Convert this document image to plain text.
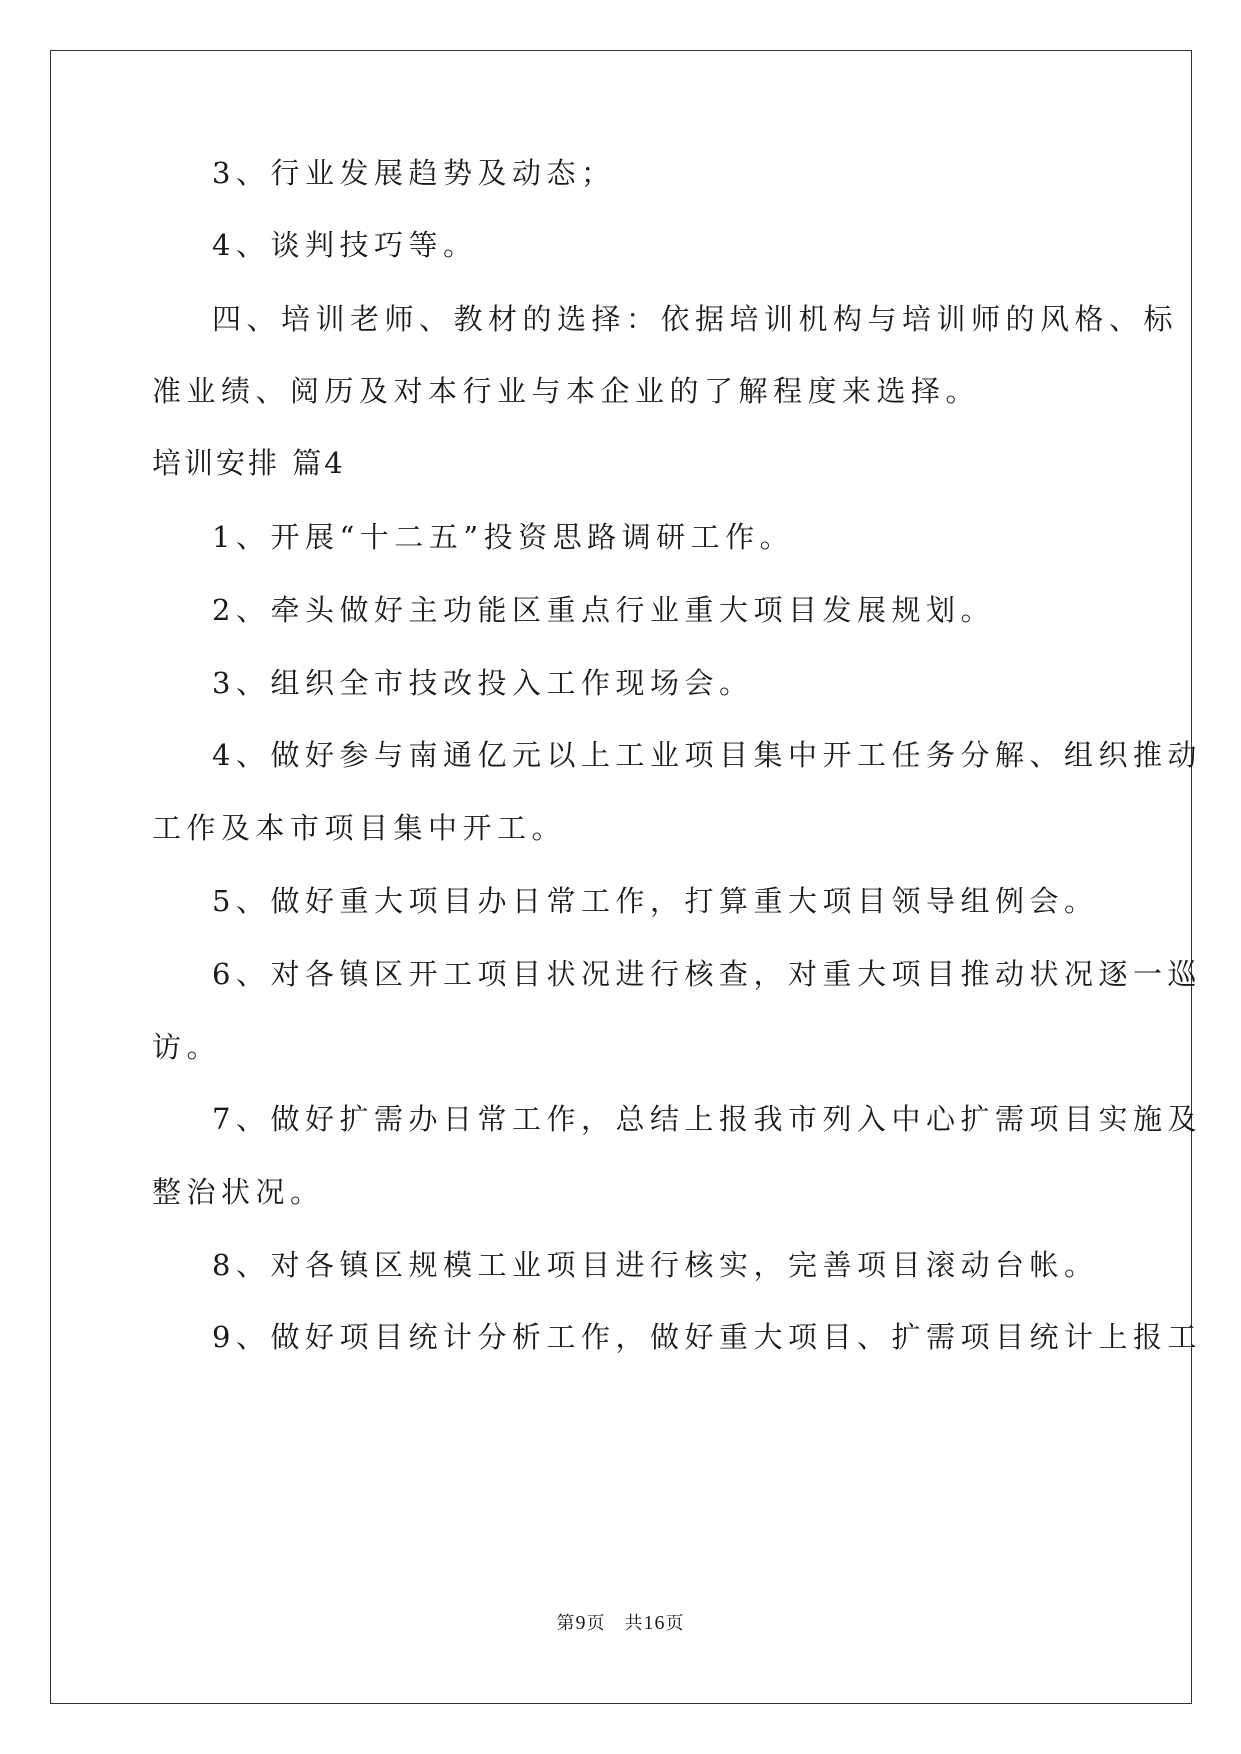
3、行业发展趋势及动态；
4、谈判技巧等。
四、培训老师、教材的选择：依据培训机构与培训师的风格、标
准业绩、阅历及对本行业与本企业的了解程度来选择。
培训安排 篇4
1、开展“十二五”投资思路调研工作。
2、牵头做好主功能区重点行业重大项目发展规划。
3、组织全市技改投入工作现场会。
4、做好参与南通亿元以上工业项目集中开工任务分解、组织推动
工作及本市项目集中开工。
5、做好重大项目办日常工作，打算重大项目领导组例会。
6、对各镇区开工项目状况进行核查，对重大项目推动状况逐一巡
访。
7、做好扩需办日常工作，总结上报我市列入中心扩需项目实施及
整治状况。
8、对各镇区规模工业项目进行核实，完善项目滚动台帐。
9、做好项目统计分析工作，做好重大项目、扩需项目统计上报工
第9页　共16页
